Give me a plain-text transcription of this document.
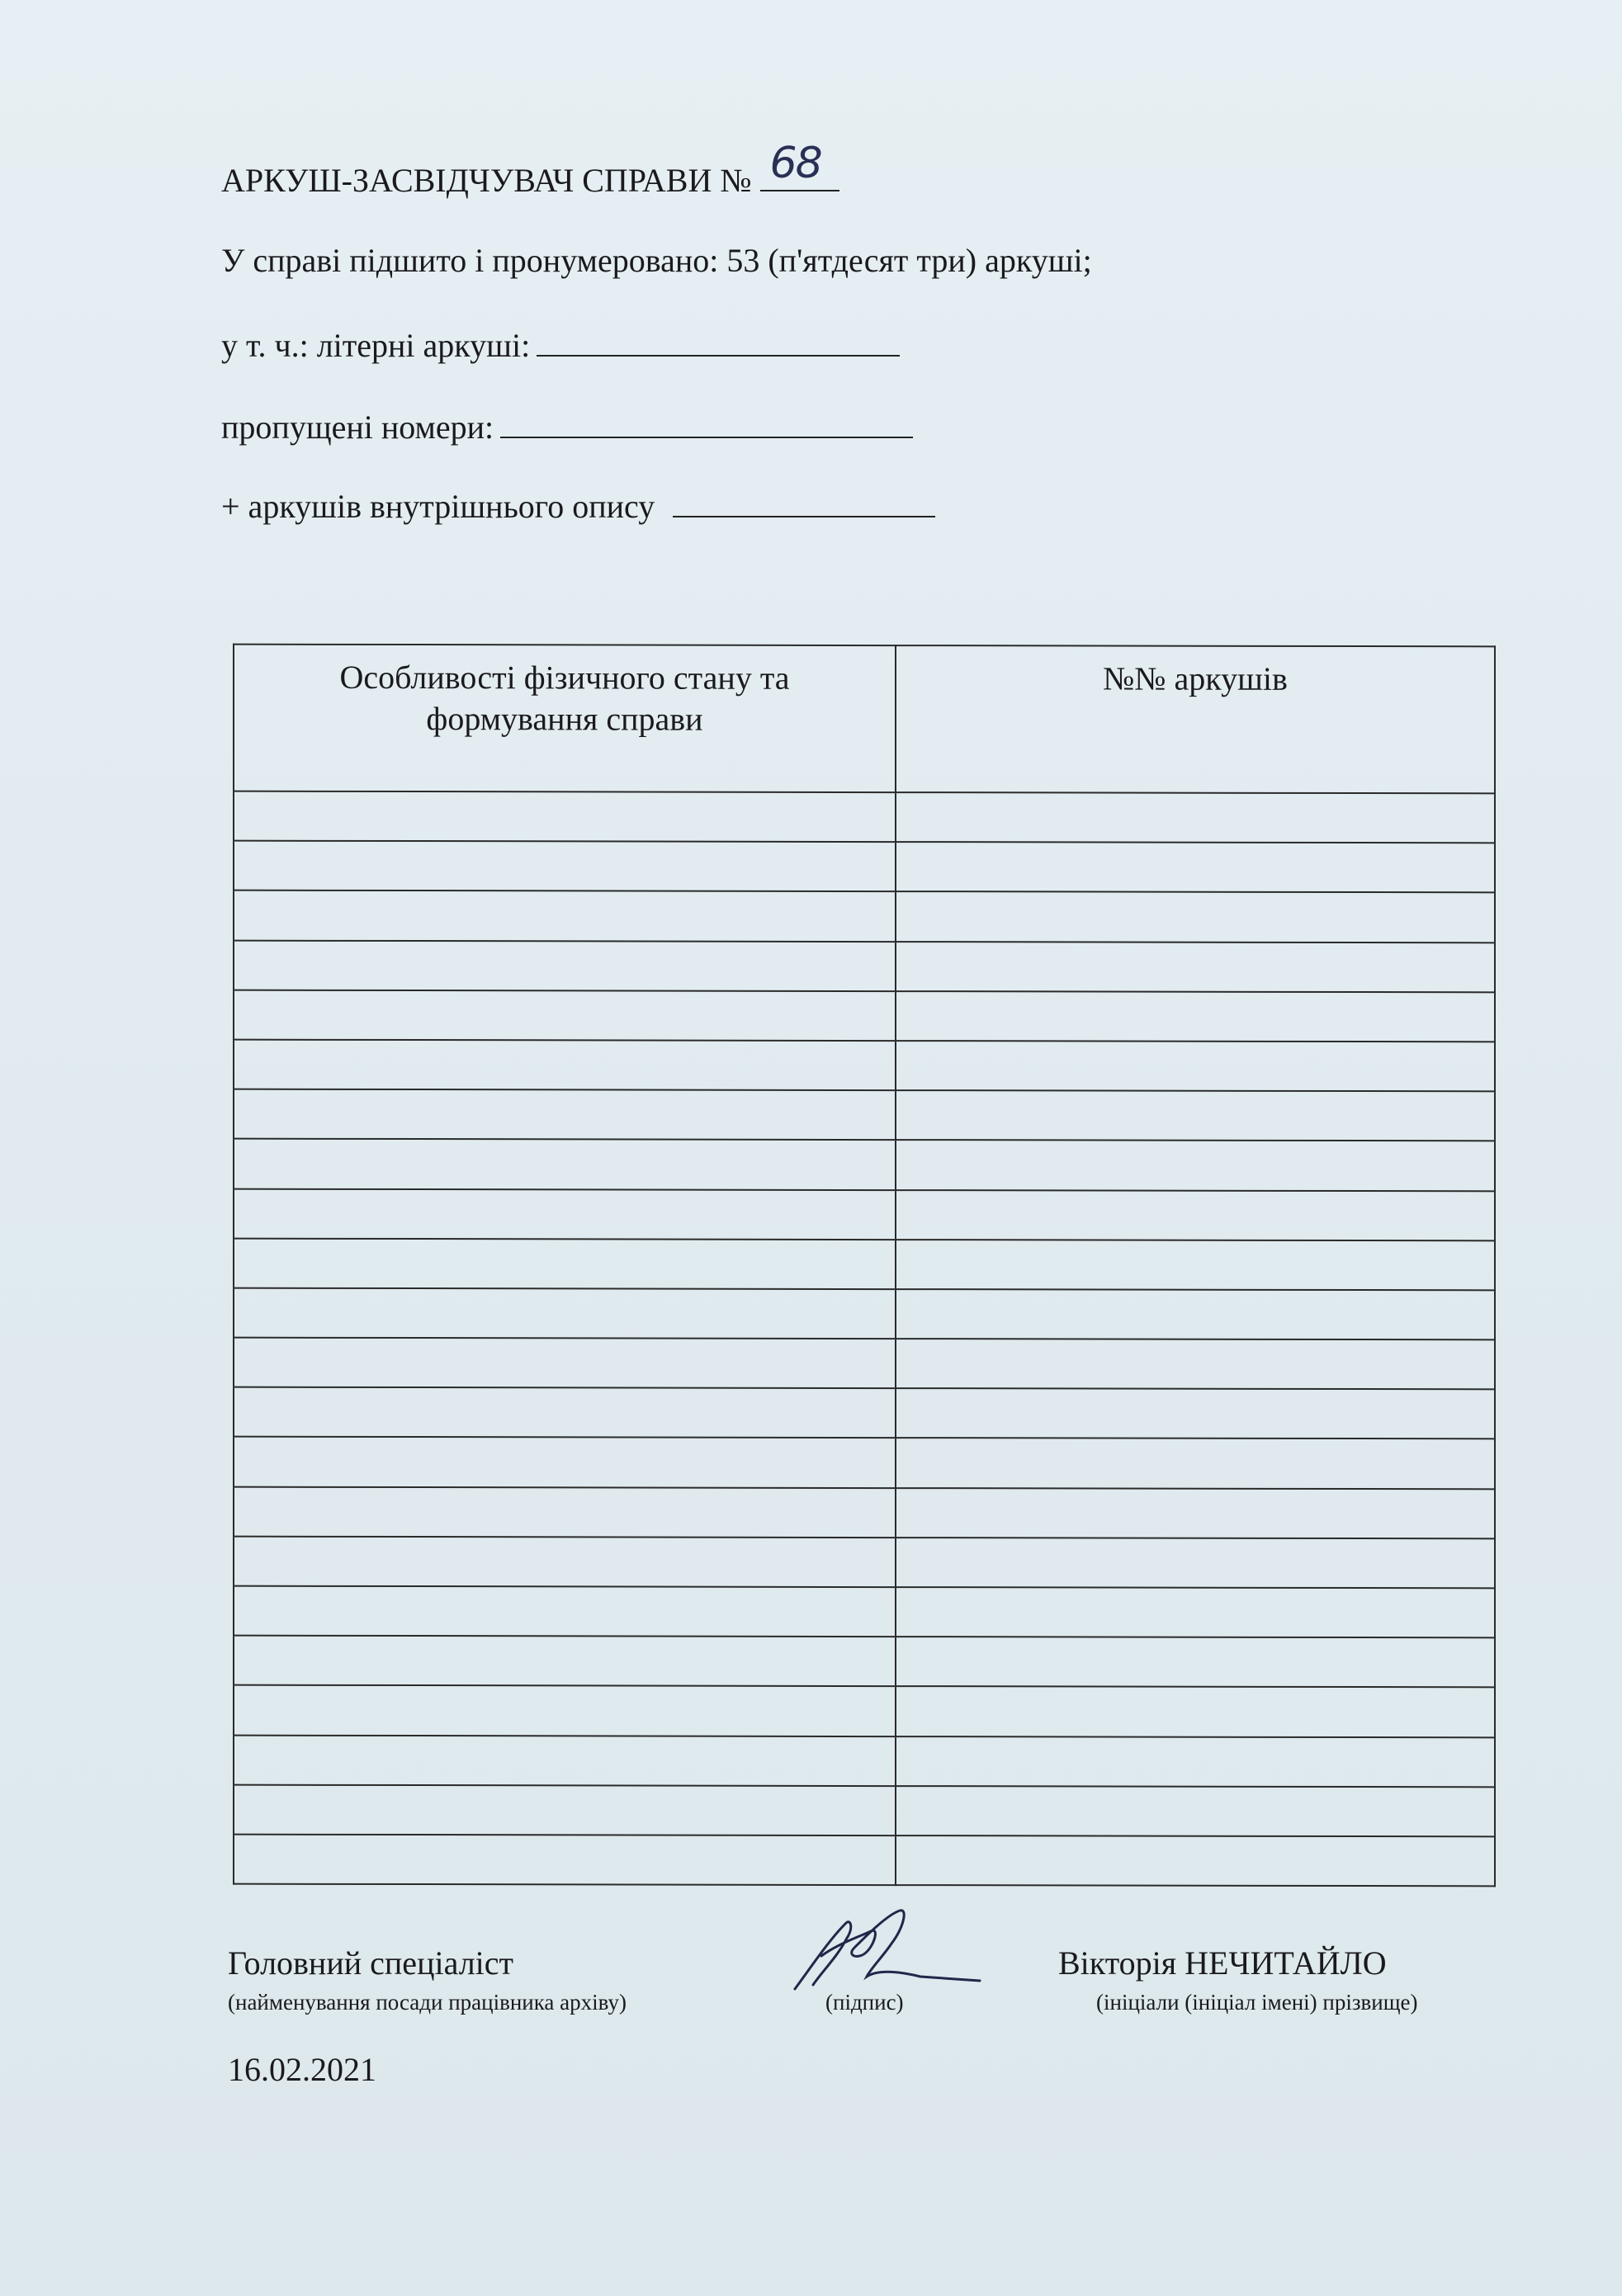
АРКУШ-ЗАСВІДЧУВАЧ СПРАВИ № 68
У справі підшито і пронумеровано: 53 (п'ятдесят три) аркуші;
у т. ч.: літерні аркуші:
пропущені номери:
+ аркушів внутрішнього опису
Особливості фізичного стану та
формування справи	№№ аркушів

Головний спеціаліст
(найменування посади працівника архіву)	(підпис)
Вікторія НЕЧИТАЙЛО
(ініціали (ініціал імені) прізвище)
16.02.2021
